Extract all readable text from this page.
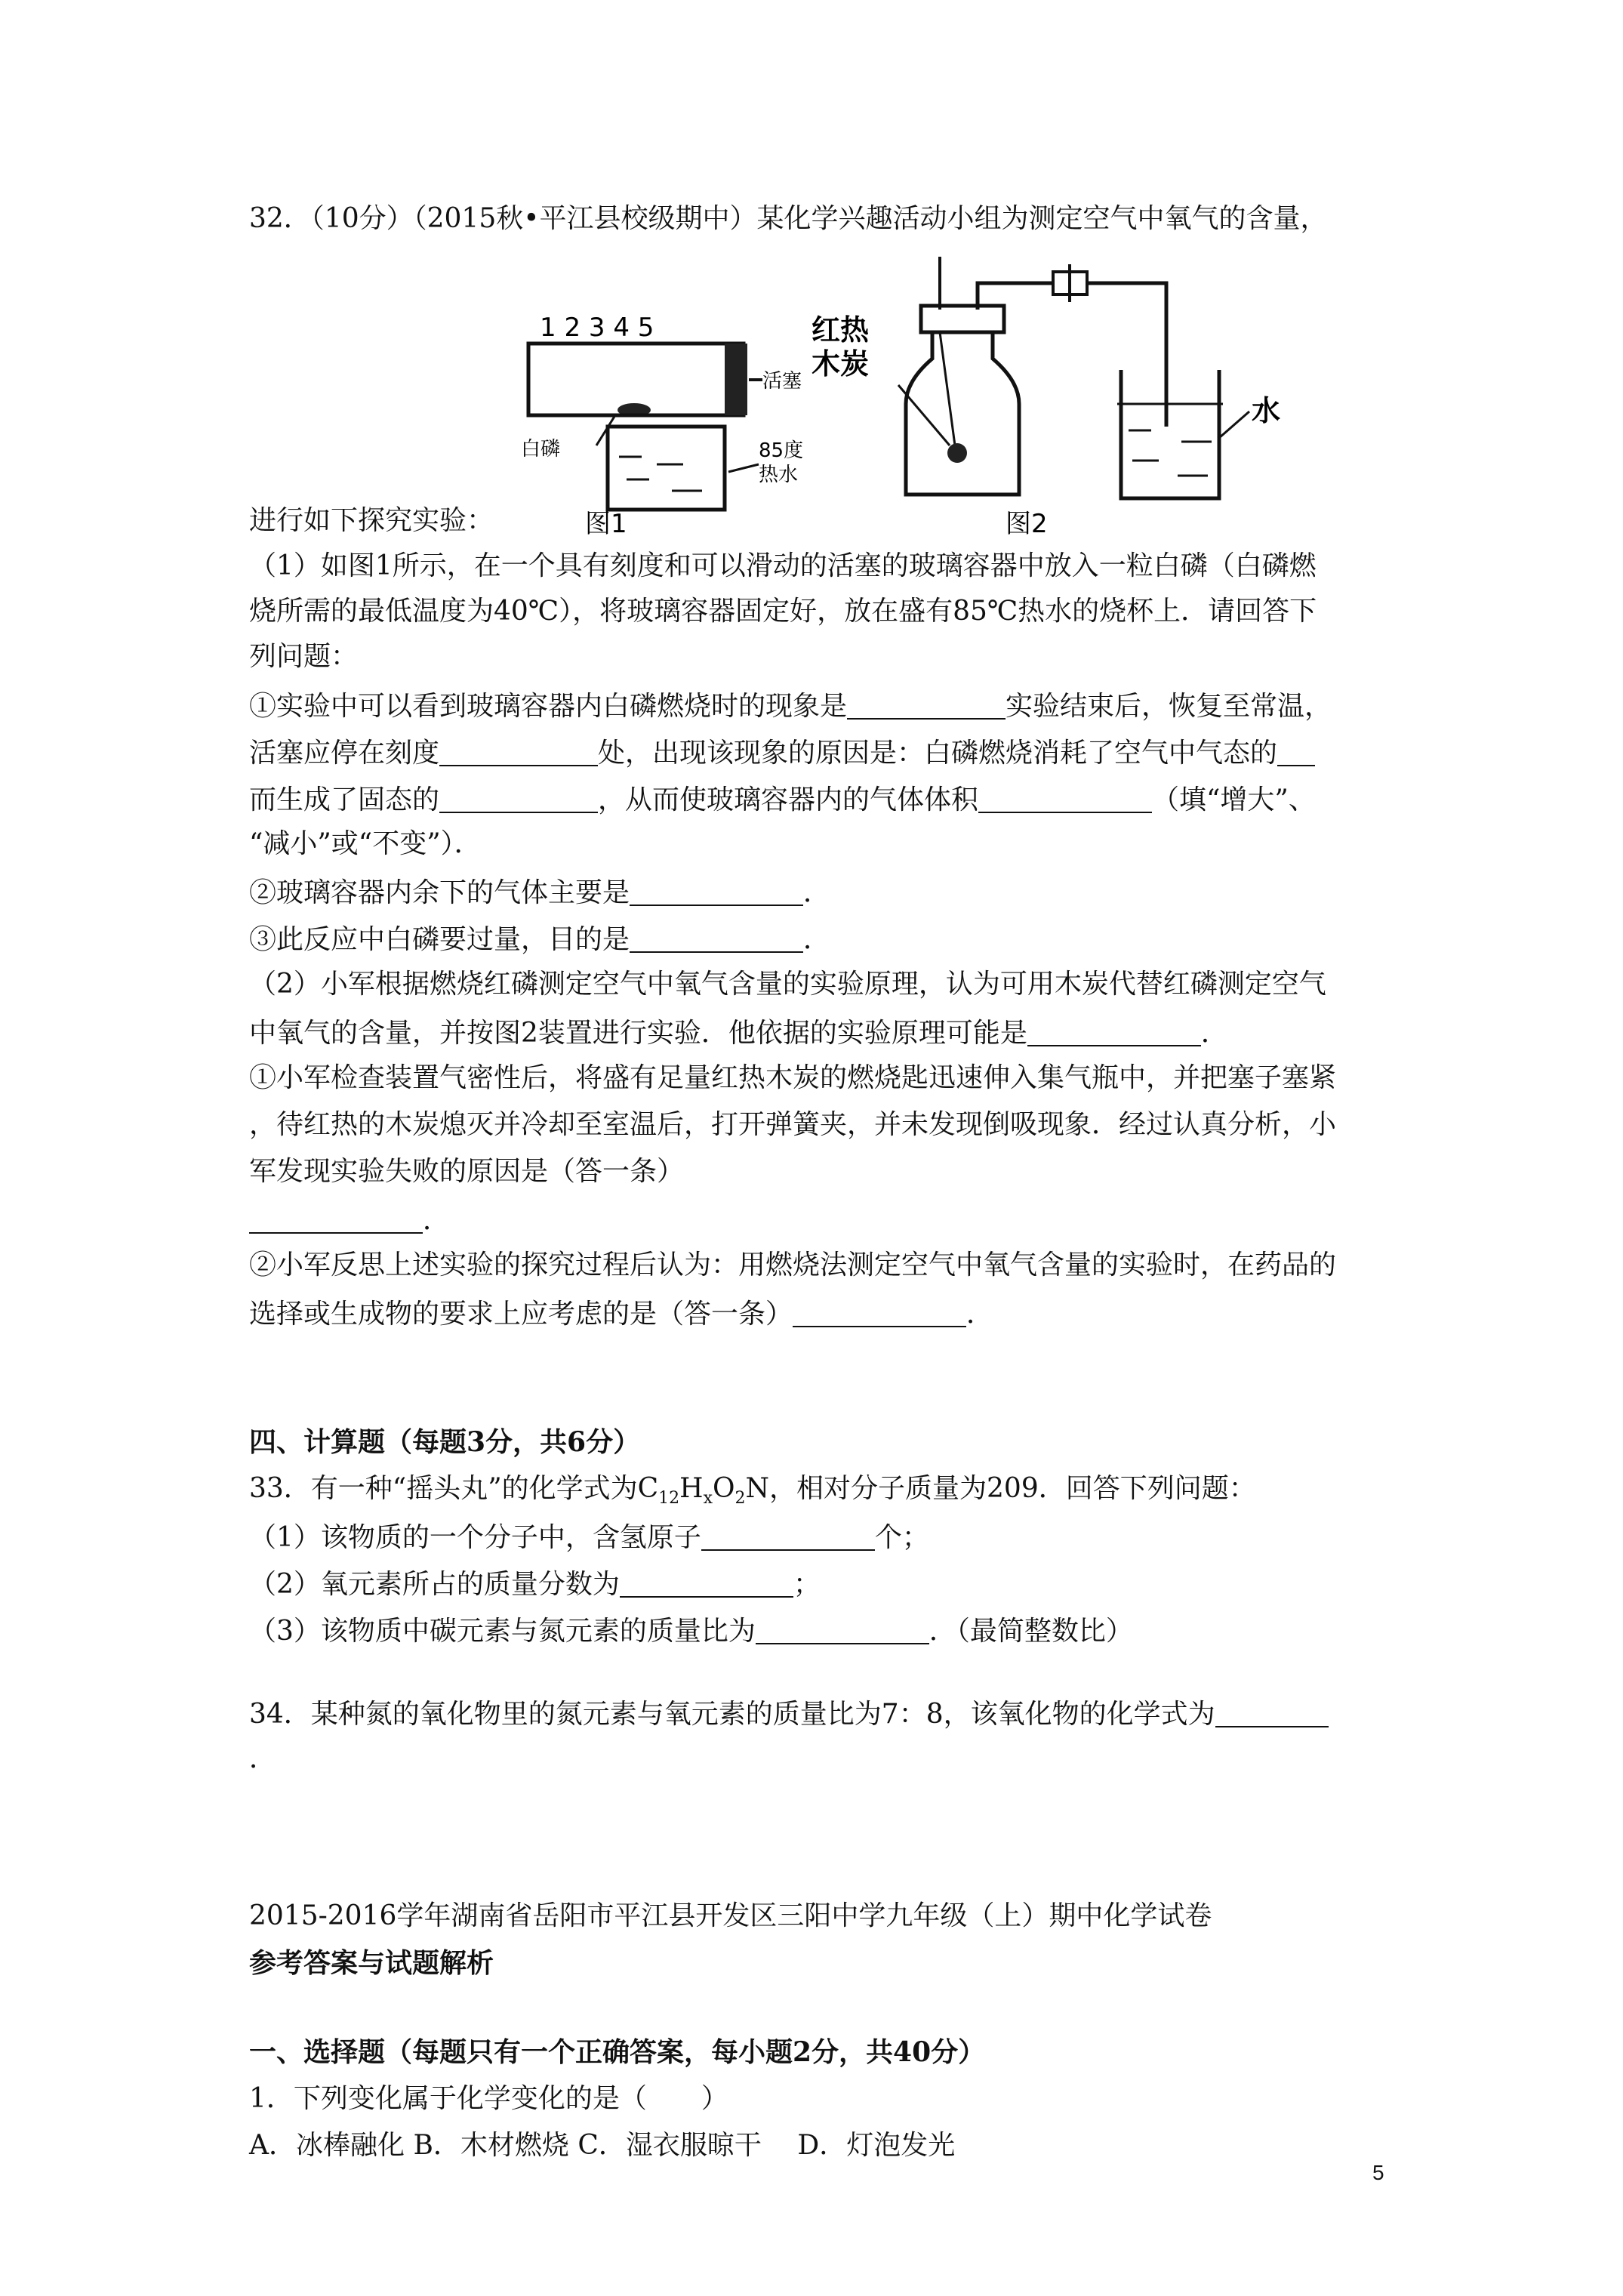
32．（10分）（2015秋•平江县校级期中）某化学兴趣活动小组为测定空气中氧气的含量，
1 2 3 4 5
活塞
白磷	85度
热水
图1
红热
木炭
水
图2
进行如下探究实验：
（1）如图1所示，在一个具有刻度和可以滑动的活塞的玻璃容器中放入一粒白磷（白磷燃
烧所需的最低温度为40℃），将玻璃容器固定好，放在盛有85℃热水的烧杯上．请回答下
列问题：
①实验中可以看到玻璃容器内白磷燃烧时的现象是	实验结束后，恢复至常温，
活塞应停在刻度	处，出现该现象的原因是：白磷燃烧消耗了空气中气态的
而生成了固态的	，从而使玻璃容器内的气体体积	（填“增大”、
“减小”或“不变”）．
②玻璃容器内余下的气体主要是	．
③此反应中白磷要过量，目的是	．
（2）小军根据燃烧红磷测定空气中氧气含量的实验原理，认为可用木炭代替红磷测定空气
中氧气的含量，并按图2装置进行实验．他依据的实验原理可能是	．
①小军检查装置气密性后，将盛有足量红热木炭的燃烧匙迅速伸入集气瓶中，并把塞子塞紧
，待红热的木炭熄灭并冷却至室温后，打开弹簧夹，并未发现倒吸现象．经过认真分析，小
军发现实验失败的原因是（答一条）
．
②小军反思上述实验的探究过程后认为：用燃烧法测定空气中氧气含量的实验时，在药品的
选择或生成物的要求上应考虑的是（答一条）	．
四、计算题（每题3分，共6分）
33．有一种“摇头丸”的化学式为$C_{12}H_xO_2N$，相对分子质量为209．回答下列问题：
（1）该物质的一个分子中，含氢原子	个；
（2）氧元素所占的质量分数为	；
（3）该物质中碳元素与氮元素的质量比为	．（最简整数比）
34．某种氮的氧化物里的氮元素与氧元素的质量比为7：8，该氧化物的化学式为
．
2015-2016学年湖南省岳阳市平江县开发区三阳中学九年级（上）期中化学试卷
参考答案与试题解析
一、选择题（每题只有一个正确答案，每小题2分，共40分）
1．下列变化属于化学变化的是（　　）
A．冰棒融化 B．木材燃烧 C．湿衣服晾干　 D．灯泡发光
5
